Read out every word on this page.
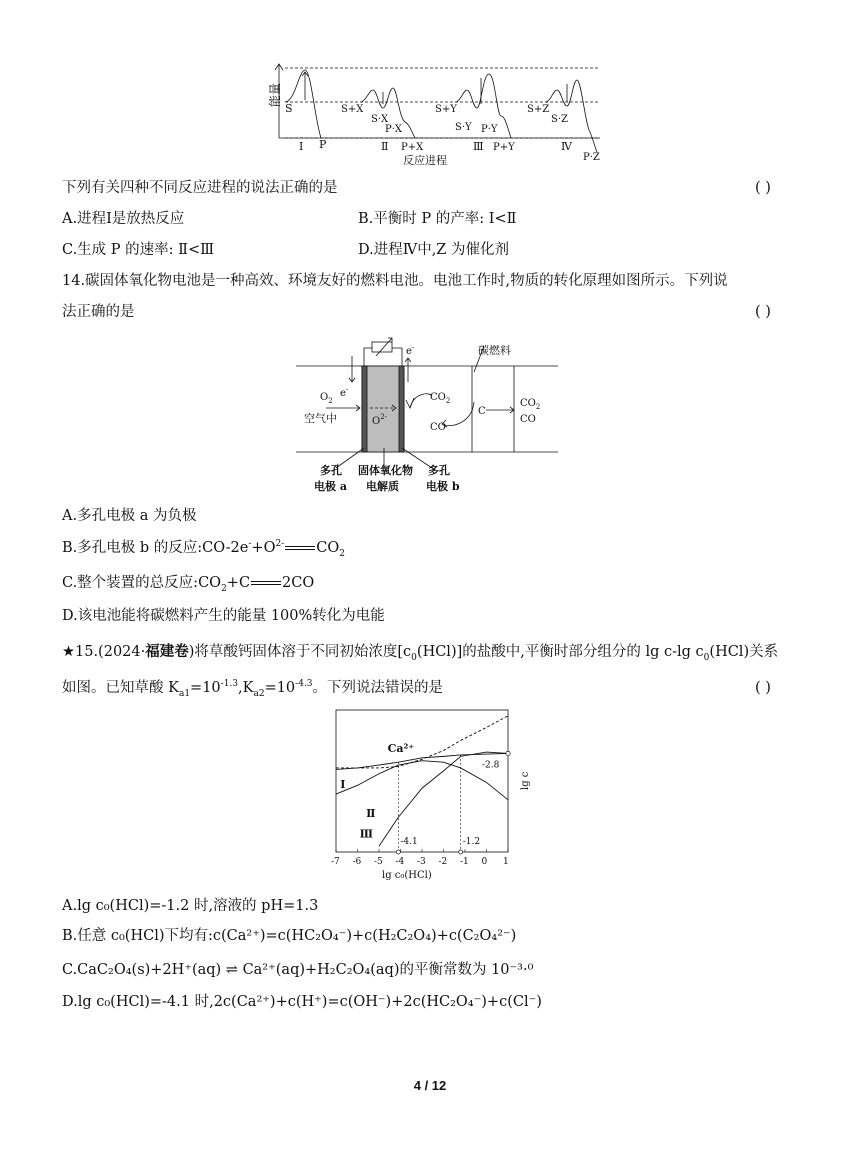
能量
S
P
Ⅰ
S+X
S·X
P·X
Ⅱ P+X
S+Y
S·Y P·Y
Ⅲ P+Y
S+Z
S·Z
Ⅳ
P·Z
反应进程
下列有关四种不同反应进程的说法正确的是	( )
A.进程Ⅰ是放热反应	B.平衡时 P 的产率: Ⅰ<Ⅱ
C.生成 P 的速率: Ⅱ<Ⅲ	D.进程Ⅳ中,Z 为催化剂
14.碳固体氧化物电池是一种高效、环境友好的燃料电池。电池工作时,物质的转化原理如图所示。下列说
法正确的是	( )
碳燃料
$O_2$
空气中	$O^{2-}$
e-
e-
$CO_2$
CO
C
$CO_2$
CO
多孔
电极 a
固体氧化物
电解质
多孔
电极 b
A.多孔电极 a 为负极
B.多孔电极 b 的反应$:CO-2e^-+O^{2-}$ $CO_2$
C.整个装置的总反应$:CO_2+C$ 2CO
D.该电池能将碳燃料产生的能量 100%转化为电能
★15.(2024·福建卷)将草酸钙固体溶于不同初始浓度$[c_0(HCl)]$的盐酸中,平衡时部分组分的 lg c-lg $c_0(HCl)$关系
如图。已知草酸 $K_{a1}=10^{-1.3},K_{a2}=10^{-4.3}$。下列说法错误的是	( )
Ⅰ
Ca²⁺
Ⅱ
Ⅲ
-2.8
-4.1	-1.2
-7 -6 -5 -4 -3 -2 -1 0 1
lg c₀(HCl)
lg c
A.lg c₀(HCl)=-1.2 时,溶液的 pH=1.3
B.任意 c₀(HCl)下均有:c(Ca²⁺)=c(HC₂O₄⁻)+c(H₂C₂O₄)+c(C₂O₄²⁻)
C.CaC₂O₄(s)+2H⁺(aq) ⇌ Ca²⁺(aq)+H₂C₂O₄(aq)的平衡常数为 10⁻³·⁰
D.lg c₀(HCl)=-4.1 时,2c(Ca²⁺)+c(H⁺)=c(OH⁻)+2c(HC₂O₄⁻)+c(Cl⁻)
4 / 12
